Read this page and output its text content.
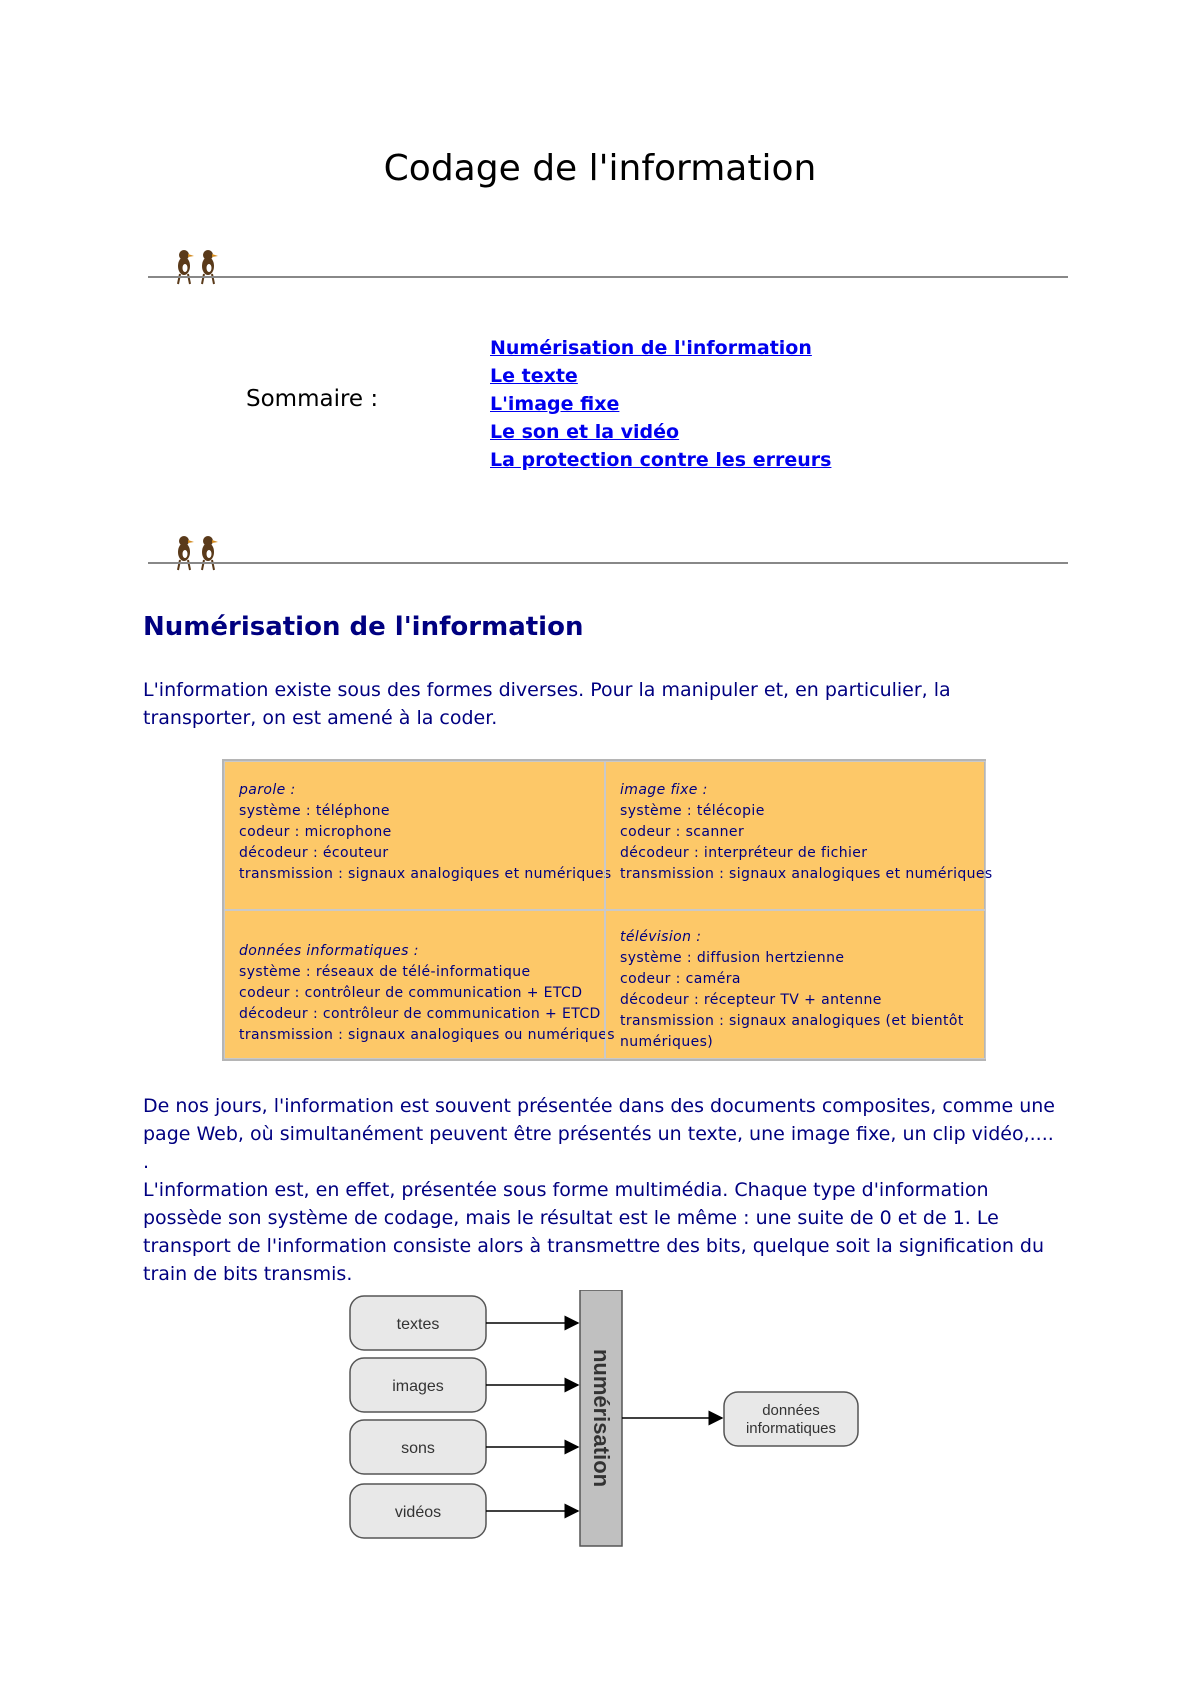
Codage de l'information
Sommaire :
Numérisation de l'information
Le texte
L'image fixe
Le son et la vidéo
La protection contre les erreurs
Numérisation de l'information

L'information existe sous des formes diverses. Pour la manipuler et, en particulier, la
transporter, on est amené à la coder.

parole :
système : téléphone
codeur : microphone
décodeur : écouteur
transmission : signaux analogiques et numériques
image fixe :
système : télécopie
codeur : scanner
décodeur : interpréteur de fichier
transmission : signaux analogiques et numériques
données informatiques :
système : réseaux de télé-informatique
codeur : contrôleur de communication + ETCD
décodeur : contrôleur de communication + ETCD
transmission : signaux analogiques ou numériques
télévision :
système : diffusion hertzienne
codeur : caméra
décodeur : récepteur TV + antenne
transmission : signaux analogiques (et bientôt
numériques)

De nos jours, l'information est souvent présentée dans des documents composites, comme une
page Web, où simultanément peuvent être présentés un texte, une image fixe, un clip vidéo,.... .
L'information est, en effet, présentée sous forme multimédia. Chaque type d'information
possède son système de codage, mais le résultat est le même : une suite de 0 et de 1. Le
transport de l'information consiste alors à transmettre des bits, quelque soit la signification du
train de bits transmis.

textes
images
sons
vidéos
numérisation	données
informatiques
